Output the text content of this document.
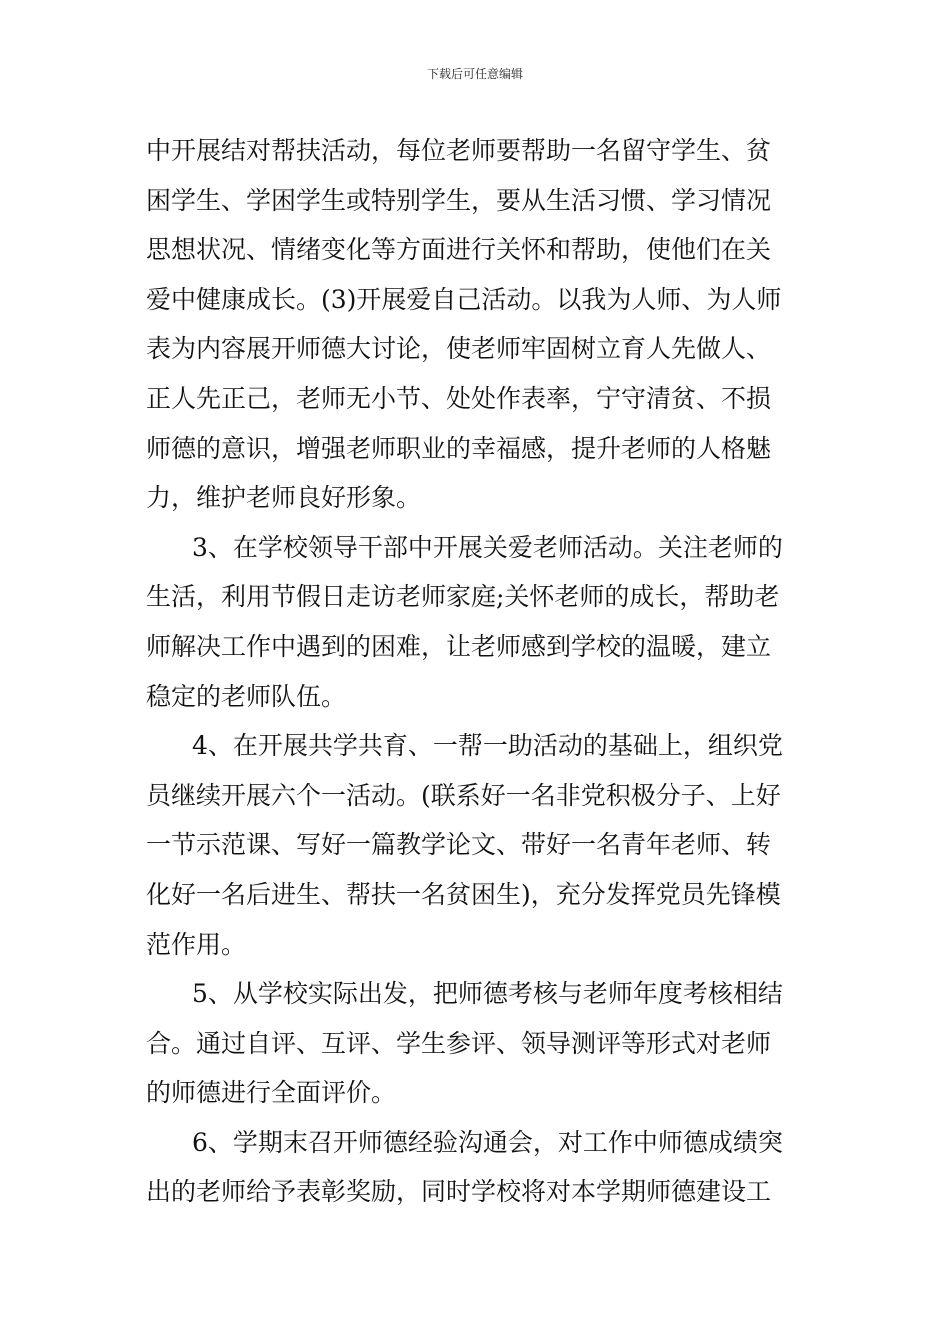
下载后可任意编辑
中开展结对帮扶活动，每位老师要帮助一名留守学生、贫
困学生、学困学生或特别学生，要从生活习惯、学习情况
思想状况、情绪变化等方面进行关怀和帮助，使他们在关
爱中健康成长。(3)开展爱自己活动。以我为人师、为人师
表为内容展开师德大讨论，使老师牢固树立育人先做人、
正人先正己，老师无小节、处处作表率，宁守清贫、不损
师德的意识，增强老师职业的幸福感，提升老师的人格魅
力，维护老师良好形象。
3、在学校领导干部中开展关爱老师活动。关注老师的
生活，利用节假日走访老师家庭;关怀老师的成长，帮助老
师解决工作中遇到的困难，让老师感到学校的温暖，建立
稳定的老师队伍。
4、在开展共学共育、一帮一助活动的基础上，组织党
员继续开展六个一活动。(联系好一名非党积极分子、上好
一节示范课、写好一篇教学论文、带好一名青年老师、转
化好一名后进生、帮扶一名贫困生)，充分发挥党员先锋模
范作用。
5、从学校实际出发，把师德考核与老师年度考核相结
合。通过自评、互评、学生参评、领导测评等形式对老师
的师德进行全面评价。
6、学期末召开师德经验沟通会，对工作中师德成绩突
出的老师给予表彰奖励，同时学校将对本学期师德建设工
